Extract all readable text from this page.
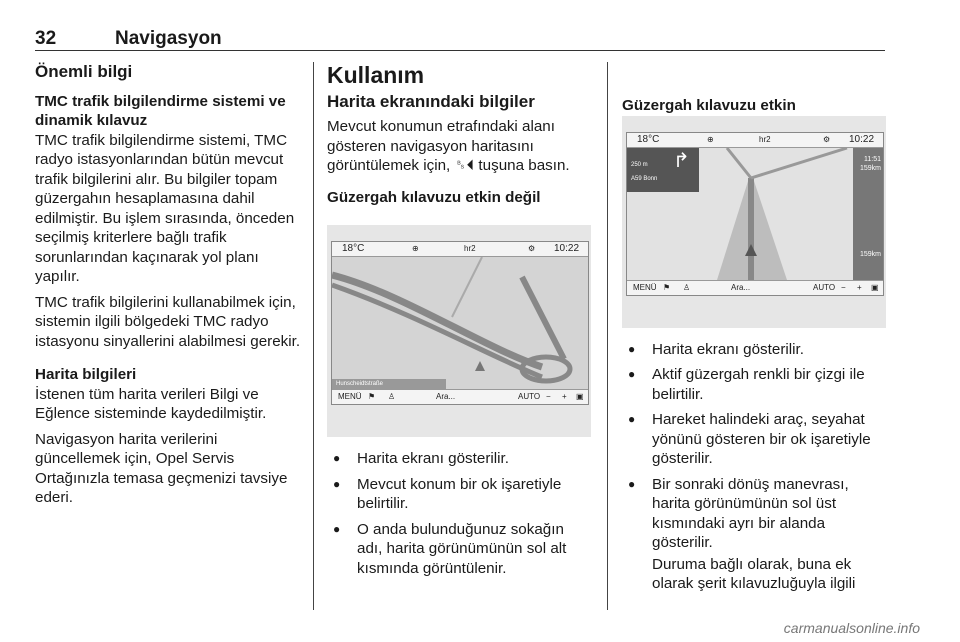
32	Navigasyon
Önemli bilgi

TMC trafik bilgilendirme sistemi ve dinamik kılavuz

TMC trafik bilgilendirme sistemi, TMC radyo istasyonlarından bütün mevcut trafik bilgilerini alır. Bu bilgiler topam güzergahın hesaplamasına dahil edilmiştir. Bu işlem sırasında, önceden seçilmiş kriterlere bağlı trafik sorunlarından kaçınarak yol planı yapılır.

TMC trafik bilgilerini kullanabilmek için, sistemin ilgili bölgedeki TMC radyo istasyonu sinyallerini alabilmesi gerekir.

Harita bilgileri

İstenen tüm harita verileri Bilgi ve Eğlence sisteminde kaydedilmiştir.

Navigasyon harita verilerini güncellemek için, Opel Servis Ortağınızla temasa geçmenizi tavsiye ederi.

Kullanım
Harita ekranındaki bilgiler

Mevcut konumun etrafındaki alanı gösteren navigasyon haritasını görüntülemek için, ␈⏴ tuşuna basın.

Güzergah kılavuzu etkin değil

18°C	⊕	hr2	⚙ 10:22
Hunscheidtstraße
MENÜ ⚑ ♙	Ara...	AUTO − + ▣
● Harita ekranı gösterilir.
● Mevcut konum bir ok işaretiyle belirtilir.
● O anda bulunduğunuz sokağın adı, harita görünümünün sol alt kısmında görüntülenir.

Güzergah kılavuzu etkin

18°C	⊕	hr2	⚙ 10:22
250 m
A59 Bonn
↱	11:51
159km
159km
MENÜ ⚑ ♙	Ara...	AUTO − + ▣
● Harita ekranı gösterilir.
● Aktif güzergah renkli bir çizgi ile belirtilir.
● Hareket halindeki araç, seyahat yönünü gösteren bir ok işaretiyle gösterilir.
● Bir sonraki dönüş manevrası, harita görünümünün sol üst kısmındaki ayrı bir alanda gösterilir.

Duruma bağlı olarak, buna ek olarak şerit kılavuzluğuyla ilgili

carmanualsonline.info
